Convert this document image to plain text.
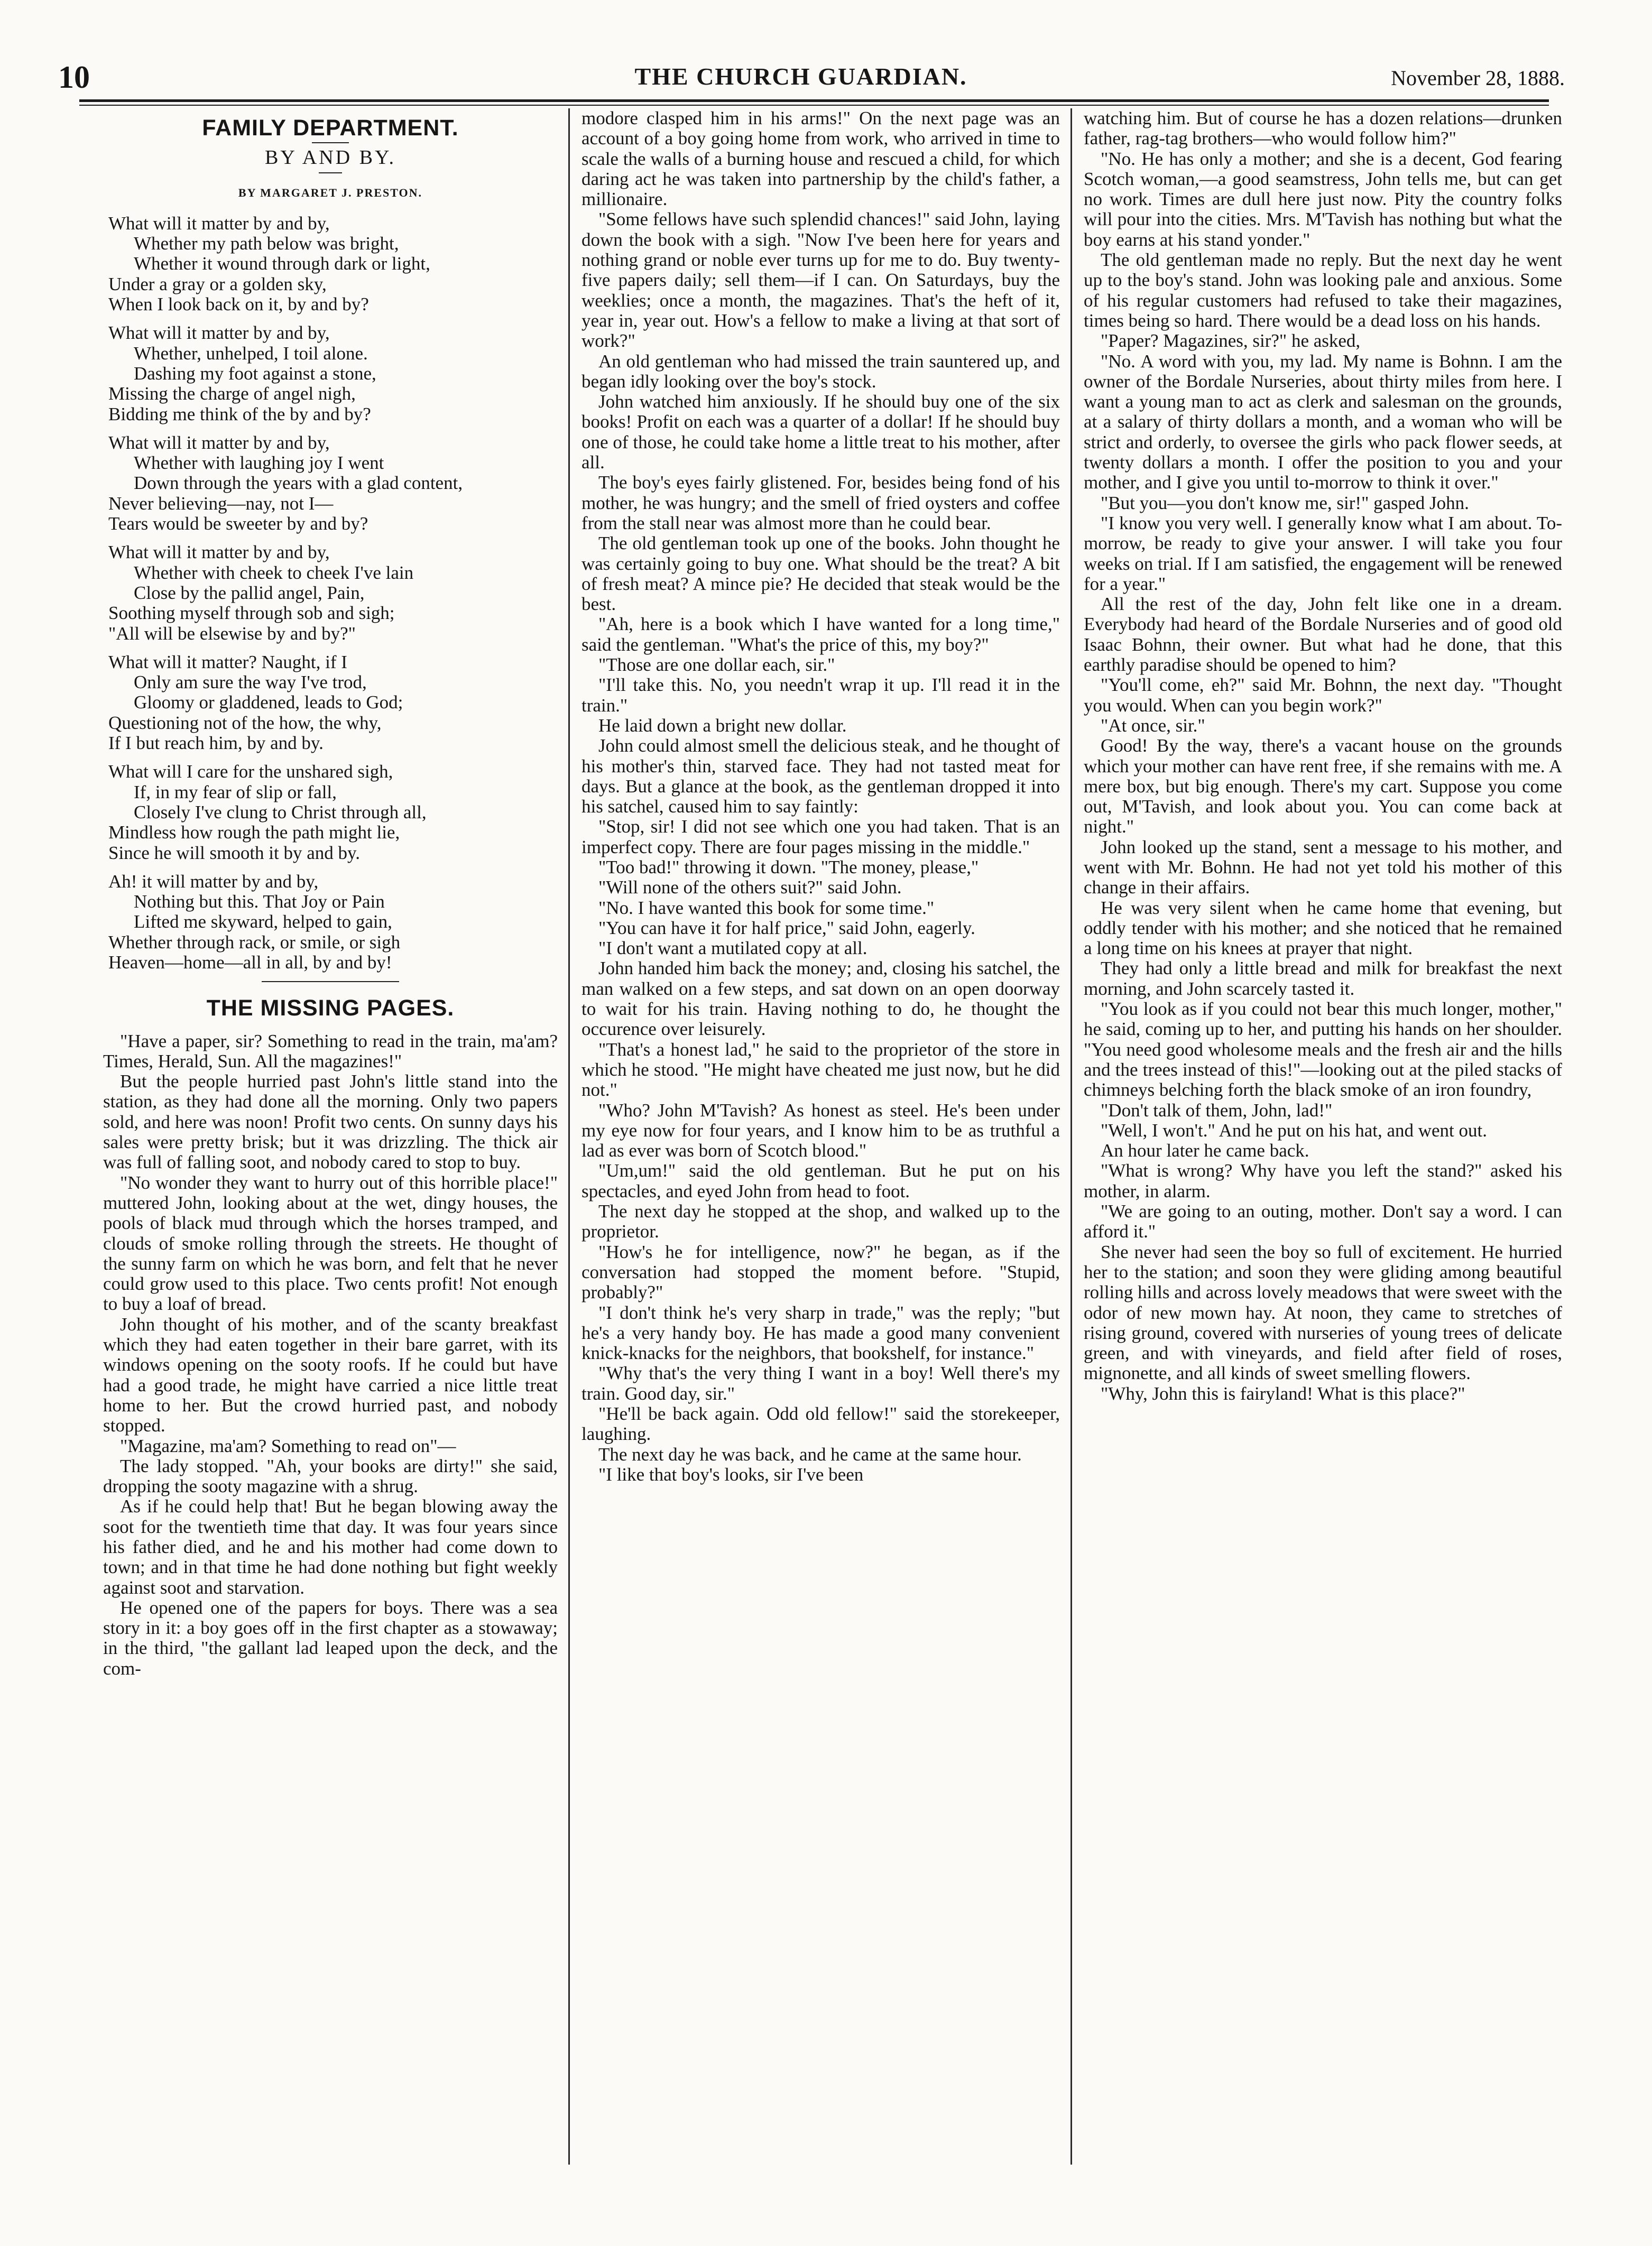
10	THE CHURCH GUARDIAN.	November 28, 1888.
FAMILY DEPARTMENT.
BY AND BY.
BY MARGARET J. PRESTON.
What will it matter by and by,
Whether my path below was bright,
Whether it wound through dark or light,
Under a gray or a golden sky,
When I look back on it, by and by?
What will it matter by and by,
Whether, unhelped, I toil alone.
Dashing my foot against a stone,
Missing the charge of angel nigh,
Bidding me think of the by and by?
What will it matter by and by,
Whether with laughing joy I went
Down through the years with a glad content,
Never believing—nay, not I—
Tears would be sweeter by and by?
What will it matter by and by,
Whether with cheek to cheek I've lain
Close by the pallid angel, Pain,
Soothing myself through sob and sigh;
"All will be elsewise by and by?"
What will it matter? Naught, if I
Only am sure the way I've trod,
Gloomy or gladdened, leads to God;
Questioning not of the how, the why,
If I but reach him, by and by.
What will I care for the unshared sigh,
If, in my fear of slip or fall,
Closely I've clung to Christ through all,
Mindless how rough the path might lie,
Since he will smooth it by and by.
Ah! it will matter by and by,
Nothing but this. That Joy or Pain
Lifted me skyward, helped to gain,
Whether through rack, or smile, or sigh
Heaven—home—all in all, by and by!
THE MISSING PAGES.

"Have a paper, sir? Something to read in the train, ma'am? Times, Herald, Sun. All the magazines!"

But the people hurried past John's little stand into the station, as they had done all the morning. Only two papers sold, and here was noon! Profit two cents. On sunny days his sales were pretty brisk; but it was drizzling. The thick air was full of falling soot, and nobody cared to stop to buy.

"No wonder they want to hurry out of this horrible place!" muttered John, looking about at the wet, dingy houses, the pools of black mud through which the horses tramped, and clouds of smoke rolling through the streets. He thought of the sunny farm on which he was born, and felt that he never could grow used to this place. Two cents profit! Not enough to buy a loaf of bread.

John thought of his mother, and of the scanty breakfast which they had eaten together in their bare garret, with its windows opening on the sooty roofs. If he could but have had a good trade, he might have carried a nice little treat home to her. But the crowd hurried past, and nobody stopped.

"Magazine, ma'am? Something to read on"—

The lady stopped. "Ah, your books are dirty!" she said, dropping the sooty magazine with a shrug.

As if he could help that! But he began blowing away the soot for the twentieth time that day. It was four years since his father died, and he and his mother had come down to town; and in that time he had done nothing but fight weekly against soot and starvation.

He opened one of the papers for boys. There was a sea story in it: a boy goes off in the first chapter as a stowaway; in the third, "the gallant lad leaped upon the deck, and the com-

modore clasped him in his arms!" On the next page was an account of a boy going home from work, who arrived in time to scale the walls of a burning house and rescued a child, for which daring act he was taken into partnership by the child's father, a millionaire.

"Some fellows have such splendid chances!" said John, laying down the book with a sigh. "Now I've been here for years and nothing grand or noble ever turns up for me to do. Buy twenty-five papers daily; sell them—if I can. On Saturdays, buy the weeklies; once a month, the magazines. That's the heft of it, year in, year out. How's a fellow to make a living at that sort of work?"

An old gentleman who had missed the train sauntered up, and began idly looking over the boy's stock.

John watched him anxiously. If he should buy one of the six books! Profit on each was a quarter of a dollar! If he should buy one of those, he could take home a little treat to his mother, after all.

The boy's eyes fairly glistened. For, besides being fond of his mother, he was hungry; and the smell of fried oysters and coffee from the stall near was almost more than he could bear.

The old gentleman took up one of the books. John thought he was certainly going to buy one. What should be the treat? A bit of fresh meat? A mince pie? He decided that steak would be the best.

"Ah, here is a book which I have wanted for a long time," said the gentleman. "What's the price of this, my boy?"

"Those are one dollar each, sir."

"I'll take this. No, you needn't wrap it up. I'll read it in the train."

He laid down a bright new dollar.

John could almost smell the delicious steak, and he thought of his mother's thin, starved face. They had not tasted meat for days. But a glance at the book, as the gentleman dropped it into his satchel, caused him to say faintly:

"Stop, sir! I did not see which one you had taken. That is an imperfect copy. There are four pages missing in the middle."

"Too bad!" throwing it down. "The money, please,"

"Will none of the others suit?" said John.

"No. I have wanted this book for some time."

"You can have it for half price," said John, eagerly.

"I don't want a mutilated copy at all.

John handed him back the money; and, closing his satchel, the man walked on a few steps, and sat down on an open doorway to wait for his train. Having nothing to do, he thought the occurence over leisurely.

"That's a honest lad," he said to the proprietor of the store in which he stood. "He might have cheated me just now, but he did not."

"Who? John M'Tavish? As honest as steel. He's been under my eye now for four years, and I know him to be as truthful a lad as ever was born of Scotch blood."

"Um,um!" said the old gentleman. But he put on his spectacles, and eyed John from head to foot.

The next day he stopped at the shop, and walked up to the proprietor.

"How's he for intelligence, now?" he began, as if the conversation had stopped the moment before. "Stupid, probably?"

"I don't think he's very sharp in trade," was the reply; "but he's a very handy boy. He has made a good many convenient knick-knacks for the neighbors, that bookshelf, for instance."

"Why that's the very thing I want in a boy! Well there's my train. Good day, sir."

"He'll be back again. Odd old fellow!" said the storekeeper, laughing.

The next day he was back, and he came at the same hour.

"I like that boy's looks, sir I've been

watching him. But of course he has a dozen relations—drunken father, rag-tag brothers—who would follow him?"

"No. He has only a mother; and she is a decent, God fearing Scotch woman,—a good seamstress, John tells me, but can get no work. Times are dull here just now. Pity the country folks will pour into the cities. Mrs. M'Tavish has nothing but what the boy earns at his stand yonder."

The old gentleman made no reply. But the next day he went up to the boy's stand. John was looking pale and anxious. Some of his regular customers had refused to take their magazines, times being so hard. There would be a dead loss on his hands.

"Paper? Magazines, sir?" he asked,

"No. A word with you, my lad. My name is Bohnn. I am the owner of the Bordale Nurseries, about thirty miles from here. I want a young man to act as clerk and salesman on the grounds, at a salary of thirty dollars a month, and a woman who will be strict and orderly, to oversee the girls who pack flower seeds, at twenty dollars a month. I offer the position to you and your mother, and I give you until to-morrow to think it over."

"But you—you don't know me, sir!" gasped John.

"I know you very well. I generally know what I am about. To-morrow, be ready to give your answer. I will take you four weeks on trial. If I am satisfied, the engagement will be renewed for a year."

All the rest of the day, John felt like one in a dream. Everybody had heard of the Bordale Nurseries and of good old Isaac Bohnn, their owner. But what had he done, that this earthly paradise should be opened to him?

"You'll come, eh?" said Mr. Bohnn, the next day. "Thought you would. When can you begin work?"

"At once, sir."

Good! By the way, there's a vacant house on the grounds which your mother can have rent free, if she remains with me. A mere box, but big enough. There's my cart. Suppose you come out, M'Tavish, and look about you. You can come back at night."

John looked up the stand, sent a message to his mother, and went with Mr. Bohnn. He had not yet told his mother of this change in their affairs.

He was very silent when he came home that evening, but oddly tender with his mother; and she noticed that he remained a long time on his knees at prayer that night.

They had only a little bread and milk for breakfast the next morning, and John scarcely tasted it.

"You look as if you could not bear this much longer, mother," he said, coming up to her, and putting his hands on her shoulder. "You need good wholesome meals and the fresh air and the hills and the trees instead of this!"—looking out at the piled stacks of chimneys belching forth the black smoke of an iron foundry,

"Don't talk of them, John, lad!"

"Well, I won't." And he put on his hat, and went out.

An hour later he came back.

"What is wrong? Why have you left the stand?" asked his mother, in alarm.

"We are going to an outing, mother. Don't say a word. I can afford it."

She never had seen the boy so full of excitement. He hurried her to the station; and soon they were gliding among beautiful rolling hills and across lovely meadows that were sweet with the odor of new mown hay. At noon, they came to stretches of rising ground, covered with nurseries of young trees of delicate green, and with vineyards, and field after field of roses, mignonette, and all kinds of sweet smelling flowers.

"Why, John this is fairyland! What is this place?"
